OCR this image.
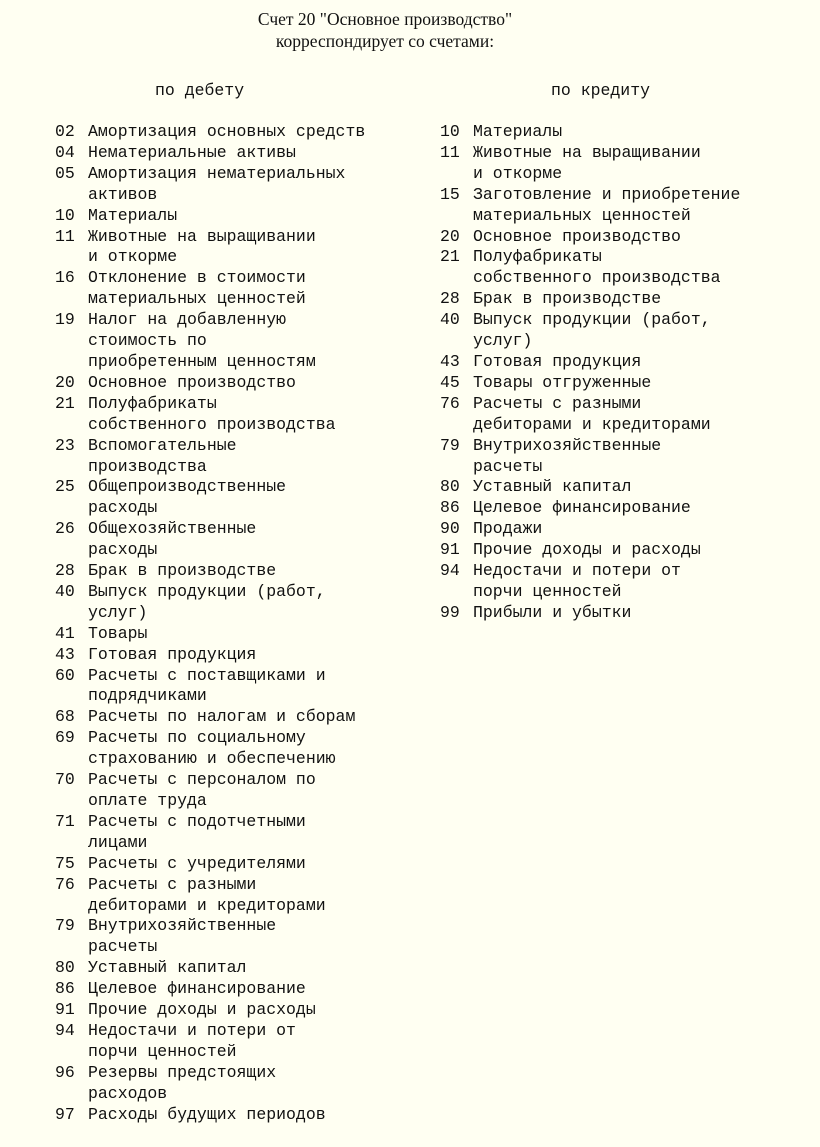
Счет 20 "Основное производство"
корреспондирует со счетами:
по дебету	по кредиту
02 Амортизация основных средств
04 Нематериальные активы
05 Амортизация нематериальных
активов
10 Материалы
11 Животные на выращивании
и откорме
16 Отклонение в стоимости
материальных ценностей
19 Налог на добавленную
стоимость по
приобретенным ценностям
20 Основное производство
21 Полуфабрикаты
собственного производства
23 Вспомогательные
производства
25 Общепроизводственные
расходы
26 Общехозяйственные
расходы
28 Брак в производстве
40 Выпуск продукции (работ,
услуг)
41 Товары
43 Готовая продукция
60 Расчеты с поставщиками и
подрядчиками
68 Расчеты по налогам и сборам
69 Расчеты по социальному
страхованию и обеспечению
70 Расчеты с персоналом по
оплате труда
71 Расчеты с подотчетными
лицами
75 Расчеты с учредителями
76 Расчеты с разными
дебиторами и кредиторами
79 Внутрихозяйственные
расчеты
80 Уставный капитал
86 Целевое финансирование
91 Прочие доходы и расходы
94 Недостачи и потери от
порчи ценностей
96 Резервы предстоящих
расходов
97 Расходы будущих периодов
10 Материалы
11 Животные на выращивании
и откорме
15 Заготовление и приобретение
материальных ценностей
20 Основное производство
21 Полуфабрикаты
собственного производства
28 Брак в производстве
40 Выпуск продукции (работ,
услуг)
43 Готовая продукция
45 Товары отгруженные
76 Расчеты с разными
дебиторами и кредиторами
79 Внутрихозяйственные
расчеты
80 Уставный капитал
86 Целевое финансирование
90 Продажи
91 Прочие доходы и расходы
94 Недостачи и потери от
порчи ценностей
99 Прибыли и убытки
